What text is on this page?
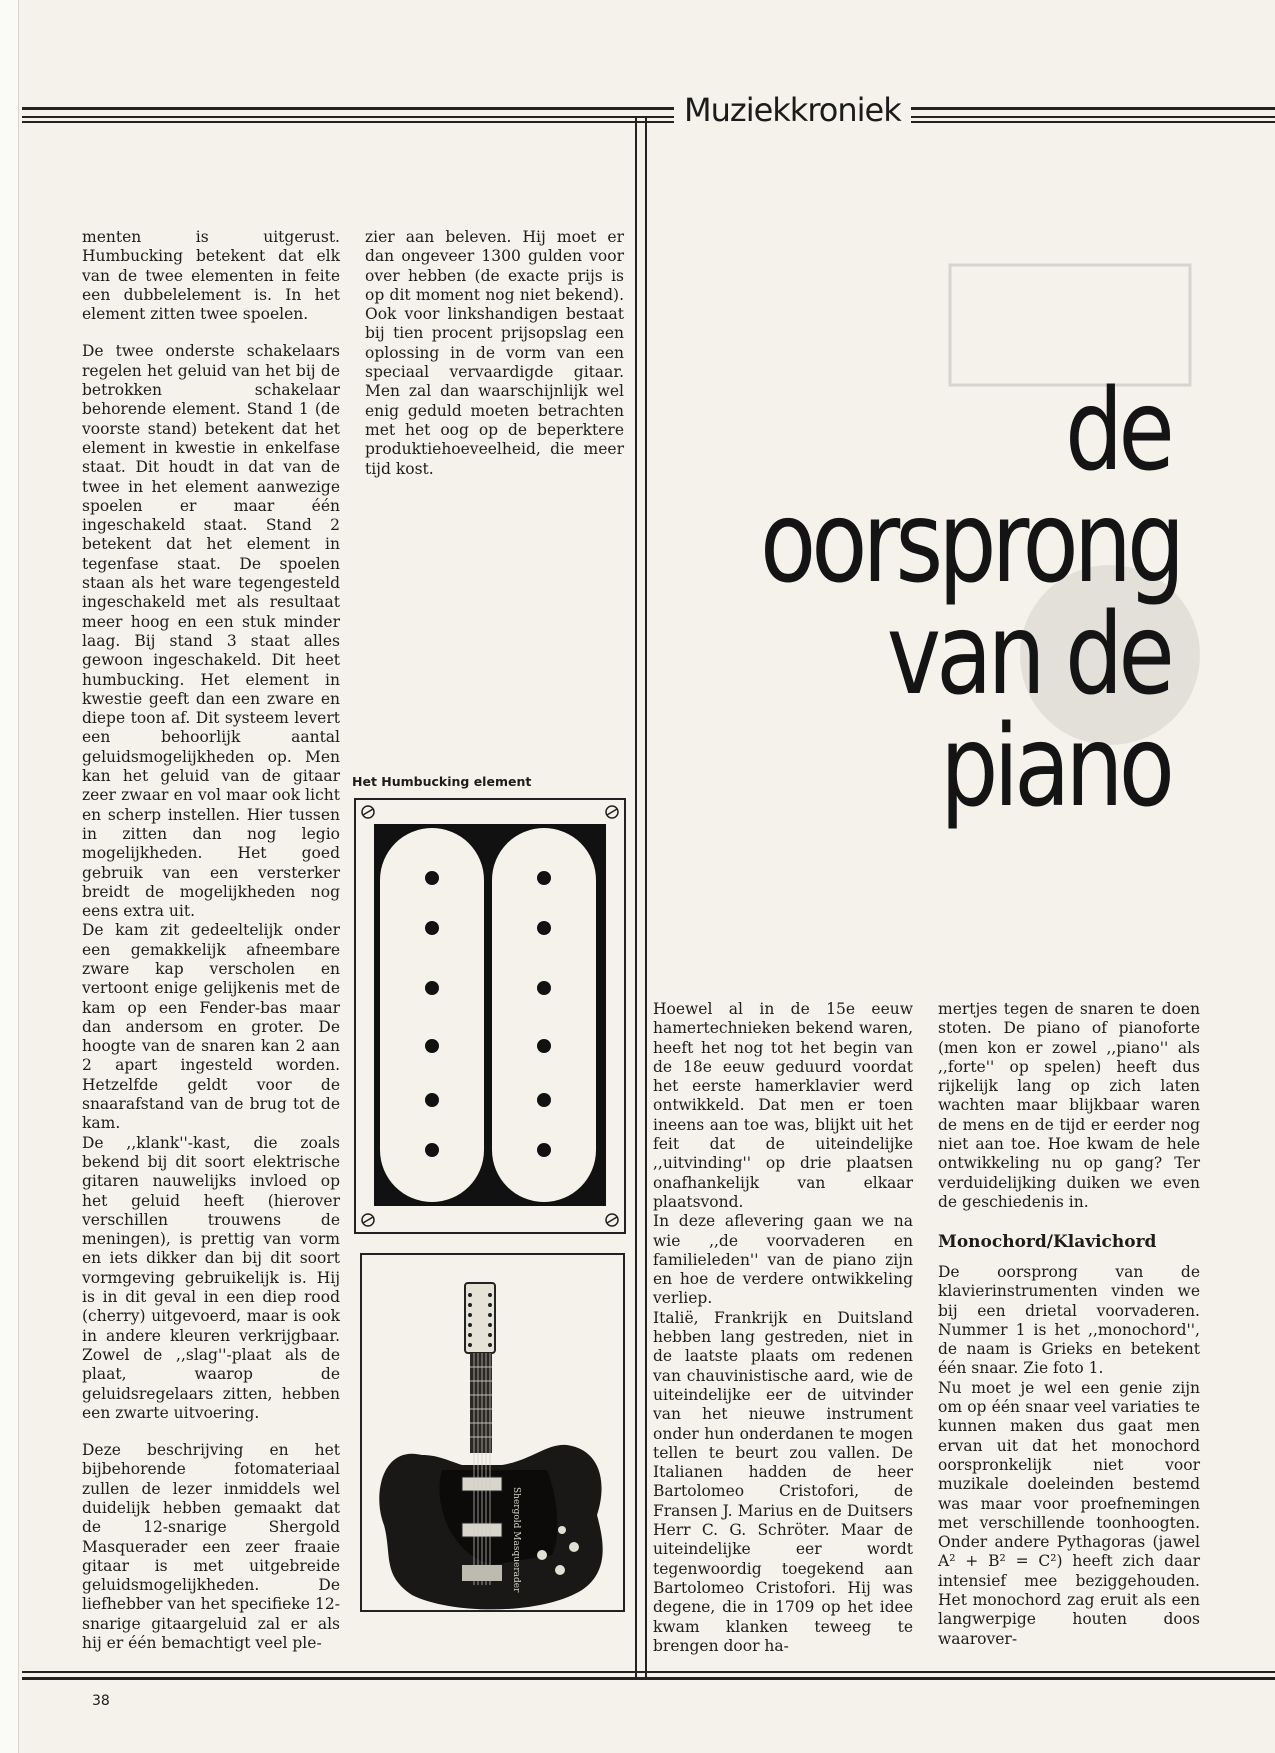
Muziekkroniek

menten is uitgerust. Humbucking betekent dat elk van de twee elementen in feite een dubbelelement is. In het element zitten twee spoelen.

De twee onderste schakelaars regelen het geluid van het bij de betrokken schakelaar behorende element. Stand 1 (de voorste stand) betekent dat het element in kwestie in enkelfase staat. Dit houdt in dat van de twee in het element aanwezige spoelen er maar één ingeschakeld staat. Stand 2 betekent dat het element in tegenfase staat. De spoelen staan als het ware tegengesteld ingeschakeld met als resultaat meer hoog en een stuk minder laag. Bij stand 3 staat alles gewoon ingeschakeld. Dit heet humbucking. Het element in kwestie geeft dan een zware en diepe toon af. Dit systeem levert een behoorlijk aantal geluidsmogelijkheden op. Men kan het geluid van de gitaar zeer zwaar en vol maar ook licht en scherp instellen. Hier tussen in zitten dan nog legio mogelijkheden. Het goed gebruik van een versterker breidt de mogelijkheden nog eens extra uit.
De kam zit gedeeltelijk onder een gemakkelijk afneembare zware kap verscholen en vertoont enige gelijkenis met de kam op een Fender-bas maar dan andersom en groter. De hoogte van de snaren kan 2 aan 2 apart ingesteld worden. Hetzelfde geldt voor de snaarafstand van de brug tot de kam.
De ,,klank''-kast, die zoals bekend bij dit soort elektrische gitaren nauwelijks invloed op het geluid heeft (hierover verschillen trouwens de meningen), is prettig van vorm en iets dikker dan bij dit soort vormgeving gebruikelijk is. Hij is in dit geval in een diep rood (cherry) uitgevoerd, maar is ook in andere kleuren verkrijgbaar. Zowel de ,,slag''-plaat als de plaat, waarop de geluidsregelaars zitten, hebben een zwarte uitvoering.

Deze beschrijving en het bijbehorende fotomateriaal zullen de lezer inmiddels wel duidelijk hebben gemaakt dat de 12-snarige Shergold Masquerader een zeer fraaie gitaar is met uitgebreide geluidsmogelijkheden. De liefhebber van het specifieke 12-snarige gitaargeluid zal er als hij er één bemachtigt veel ple-

zier aan beleven. Hij moet er dan ongeveer 1300 gulden voor over hebben (de exacte prijs is op dit moment nog niet bekend). Ook voor linkshandigen bestaat bij tien procent prijsopslag een oplossing in de vorm van een speciaal vervaardigde gitaar. Men zal dan waarschijnlijk wel enig geduld moeten betrachten met het oog op de beperktere produktiehoeveelheid, die meer tijd kost.

Het Humbucking element
Shergold Masquerader
de
oorsprong
van de
piano

Hoewel al in de 15e eeuw hamertechnieken bekend waren, heeft het nog tot het begin van de 18e eeuw geduurd voordat het eerste hamerklavier werd ontwikkeld. Dat men er toen ineens aan toe was, blijkt uit het feit dat de uiteindelijke ,,uitvinding'' op drie plaatsen onafhankelijk van elkaar plaatsvond.
In deze aflevering gaan we na wie ,,de voorvaderen en familieleden'' van de piano zijn en hoe de verdere ontwikkeling verliep.
Italië, Frankrijk en Duitsland hebben lang gestreden, niet in de laatste plaats om redenen van chauvinistische aard, wie de uiteindelijke eer de uitvinder van het nieuwe instrument onder hun onderdanen te mogen tellen te beurt zou vallen. De Italianen hadden de heer Bartolomeo Cristofori, de Fransen J. Marius en de Duitsers Herr C. G. Schröter. Maar de uiteindelijke eer wordt tegenwoordig toegekend aan Bartolomeo Cristofori. Hij was degene, die in 1709 op het idee kwam klanken teweeg te brengen door ha-

mertjes tegen de snaren te doen stoten. De piano of pianoforte (men kon er zowel ,,piano'' als ,,forte'' op spelen) heeft dus rijkelijk lang op zich laten wachten maar blijkbaar waren de mens en de tijd er eerder nog niet aan toe. Hoe kwam de hele ontwikkeling nu op gang? Ter verduidelijking duiken we even de geschiedenis in.

Monochord/Klavichord

De oorsprong van de klavierinstrumenten vinden we bij een drietal voorvaderen. Nummer 1 is het ,,monochord'', de naam is Grieks en betekent één snaar. Zie foto 1.
Nu moet je wel een genie zijn om op één snaar veel variaties te kunnen maken dus gaat men ervan uit dat het monochord oorspronkelijk niet voor muzikale doeleinden bestemd was maar voor proefnemingen met verschillende toonhoogten. Onder andere Pythagoras (jawel A² + B² = C²) heeft zich daar intensief mee beziggehouden. Het monochord zag eruit als een langwerpige houten doos waarover-

38
